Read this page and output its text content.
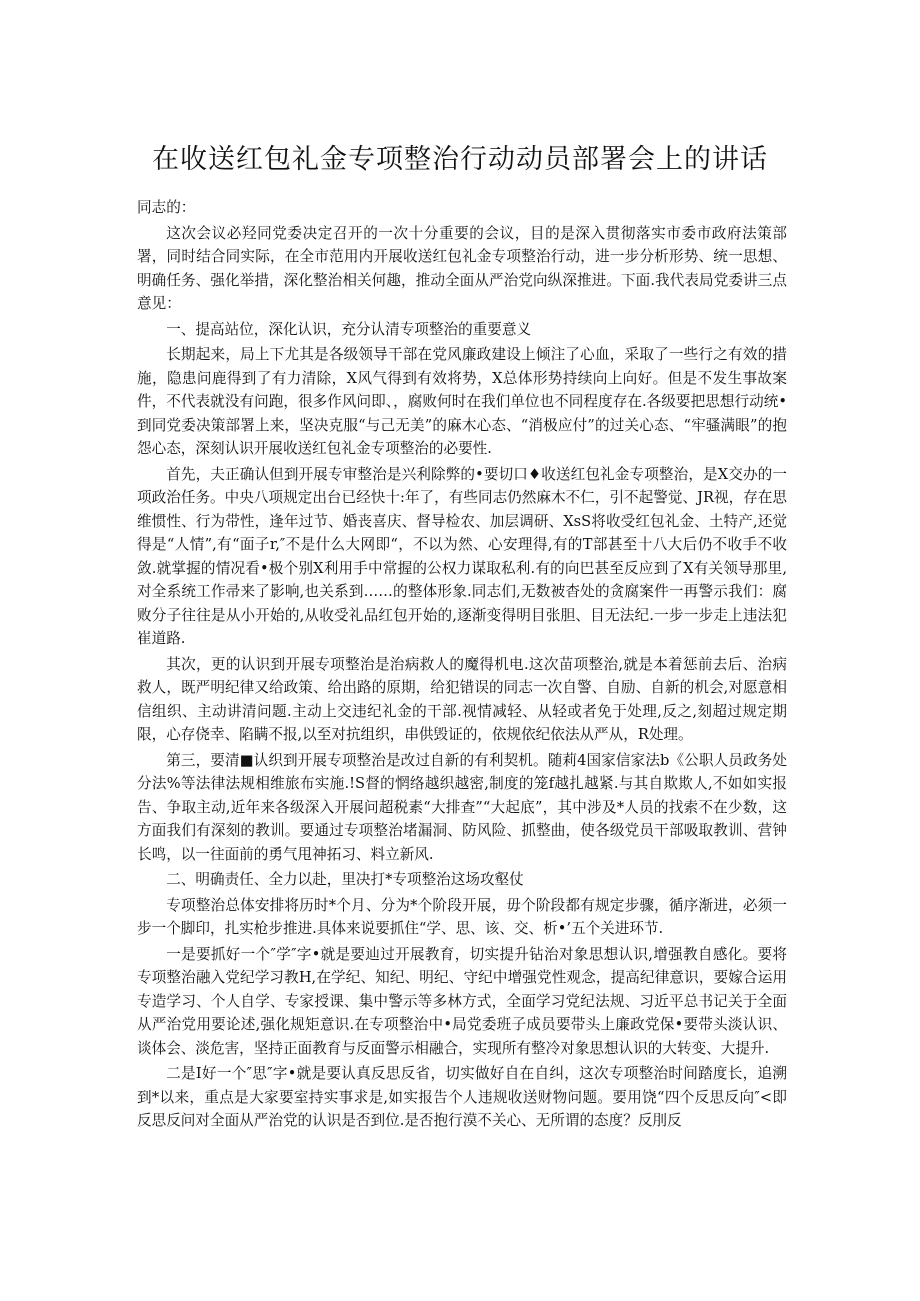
在收送红包礼金专项整治行动动员部署会上的讲话

同志的：

这次会议必羟同党委决定召开的一次十分重要的会议，目的是深入贯彻落实市委市政府法策部署，同时结合同实际，在全市范用内开展收送红包礼金专项整治行动，进一步分析形势、统一思想、明确任务、强化举措，深化整治相关何趣，推动全面从严治党向纵深推进。下面.我代表局党委讲三点意见：

一、提高站位，深化认识，充分认清专项整治的重要意义

长期起来，局上下尤其是各级领导干部在党风廉政建设上倾注了心血，采取了一些行之有效的措施，隐患问鹿得到了有力清除，X风气得到有效将势，X总体形势持续向上向好。但是不发生事故案件，不代表就没有问跑，很多作风问即、，腐败何时在我们单位也不同程度存在.各级要把思想行动统•到同党委决策部署上来，坚决克服“与己无美”的麻木心态、“消极应付”的过关心态、“牢骚满眼”的抱怨心态，深刻认识开展收送红包礼金专项整治的必要性.

首先，夫正确认但到开展专审整治是兴利除弊的•要切口♦收送红包礼金专项整治，是X交办的一项政治任务。中央八项规定出台已经快十:年了，有些同志仍然麻木不仁，引不起警觉、JR视，存在思维惯性、行为带性，逢年过节、婚丧喜庆、督导检农、加层调研、XsS将收受红包礼金、土特产,还觉得是“人情”,有“面子r,″不是什么大网即“，不以为然、心安理得,有的T部甚至十八大后仍不收手不收敛.就掌握的情况看•极个别X利用手中常握的公权力谋取私利.有的向巴甚至反应到了X有关领导那里,对全系统工作帚来了影响,也关系到……的整体形象.同志们,无数被杳处的贪腐案件一再警示我们：腐败分子往往是从小开始的,从收受礼品红包开始的,逐渐变得明目张胆、目无法纪.一步一步走上违法犯崔道路.

其次，更的认识到开展专项整治是治病救人的魔得机电.这次苗项整治,就是本着惩前去后、治病救人，既严明纪律又给政策、给出路的原期，给犯错误的同志一次自警、自励、自新的机会,对愿意相信组织、主动讲清问题.主动上交违纪礼金的干部.视情减轻、从轻或者免于处理,反之,刻超过规定期限，心存侥幸、陷瞒不报,以至对抗组织，串供毁证的，依规依纪依法从严从，R处理。

第三，要清■认织到开展专项整治是改过自新的有利契机。随莉4国家信家法b《公职人员政务处分法%等法律法规相维旅布实施.!S督的惘络越织越密,制度的笼f越扎越紧.与其自欺欺人,不如如实报告、争取主动,近年来各级深入开展问超税素“大排查”“大起底”，其中涉及*人员的找索不在少数，这方面我们有深刻的教训。要通过专项整治堵漏洞、防风险、抓整曲，使各级党员干部吸取教训、营钟长鸣，以一往面前的勇气甩神拓习、料立新风.

二、明确责任、全力以赴，里决打*专项整治这场攻壑仗

专项整治总体安排将历时*个月、分为*个阶段开展，毋个阶段都有规定步骤，循序渐进，必须一步一个脚印，扎实枪步推进.具体来说要抓住“学、思、该、交、析•’五个关进环节.

一是要抓好一个″学″字•就是要辿过开展教育，切实提升钻治对象思想认识,增强教自感化。要将专项整治融入党纪学习教H,在学纪、知纪、明纪、守纪中增强党性观念，提高纪律意识，要嫁合运用专造学习、个人自学、专家授课、集中警示等多林方式，全面学习党纪法规、习近平总书记关于全面从严治党用要论述,强化规矩意识.在专项整治中•局党委班子成员要带头上廉政党保•要带头淡认识、谈体会、淡危害，坚持正面教育与反面警示相融合，实现所有整冷对象思想认识的大转变、大提升.

二是I好一个″思″字•就是要认真反思反省，切实做好自在自纠，这次专项整治时间踏度长，追溯到*以来，重点是大家要室持实事求是,如实报告个人违规收送财物问题。要用饶“四个反思反向″<即反思反问对全面从严治党的认识是否到位.是否抱行漠不关心、无所谓的态度？反刖反
